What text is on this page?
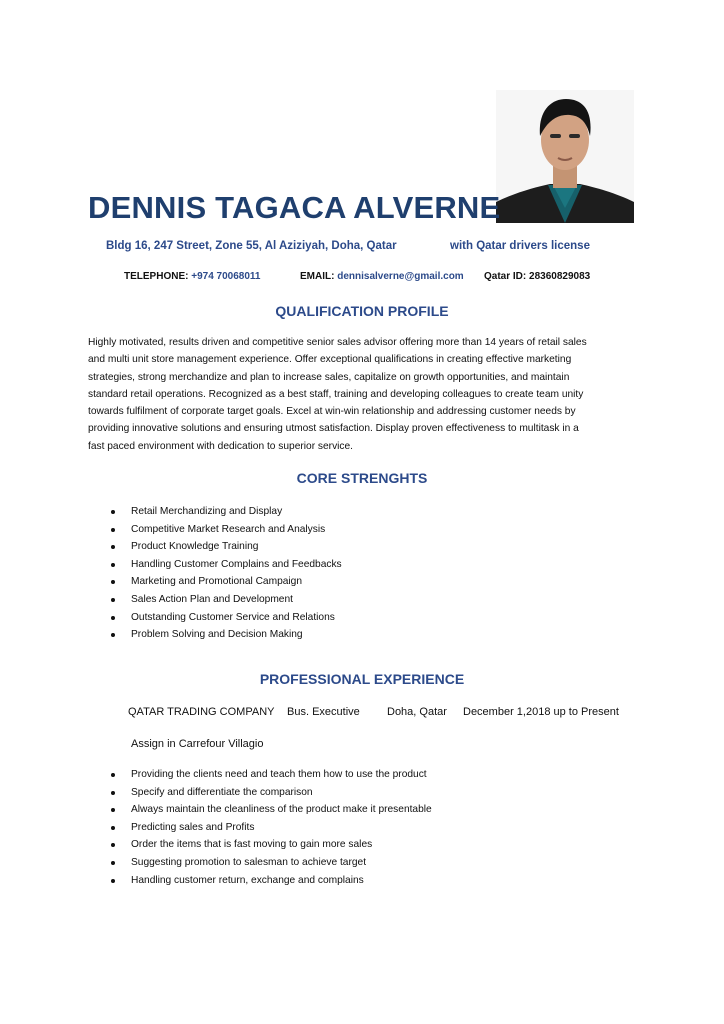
DENNIS TAGACA ALVERNE
Bldg 16, 247 Street, Zone 55, Al Aziziyah, Doha, Qatar	with Qatar drivers license
TELEPHONE: +974 70068011	EMAIL: dennisalverne@gmail.com Qatar ID: 28360829083
QUALIFICATION PROFILE

Highly motivated, results driven and competitive senior sales advisor offering more than 14 years of retail sales

and multi unit store management experience. Offer exceptional qualifications in creating effective marketing

strategies, strong merchandize and plan to increase sales, capitalize on growth opportunities, and maintain

standard retail operations. Recognized as a best staff, training and developing colleagues to create team unity

towards fulfilment of corporate target goals. Excel at win-win relationship and addressing customer needs by

providing innovative solutions and ensuring utmost satisfaction. Display proven effectiveness to multitask in a

fast paced environment with dedication to superior service.

CORE STRENGHTS
Retail Merchandizing and Display
Competitive Market Research and Analysis
Product Knowledge Training
Handling Customer Complains and Feedbacks
Marketing and Promotional Campaign
Sales Action Plan and Development
Outstanding Customer Service and Relations
Problem Solving and Decision Making
PROFESSIONAL EXPERIENCE
QATAR TRADING COMPANY Bus. Executive Doha, Qatar December 1,2018 up to Present
Assign in Carrefour Villagio
Providing the clients need and teach them how to use the product
Specify and differentiate the comparison
Always maintain the cleanliness of the product make it presentable
Predicting sales and Profits
Order the items that is fast moving to gain more sales
Suggesting promotion to salesman to achieve target
Handling customer return, exchange and complains
